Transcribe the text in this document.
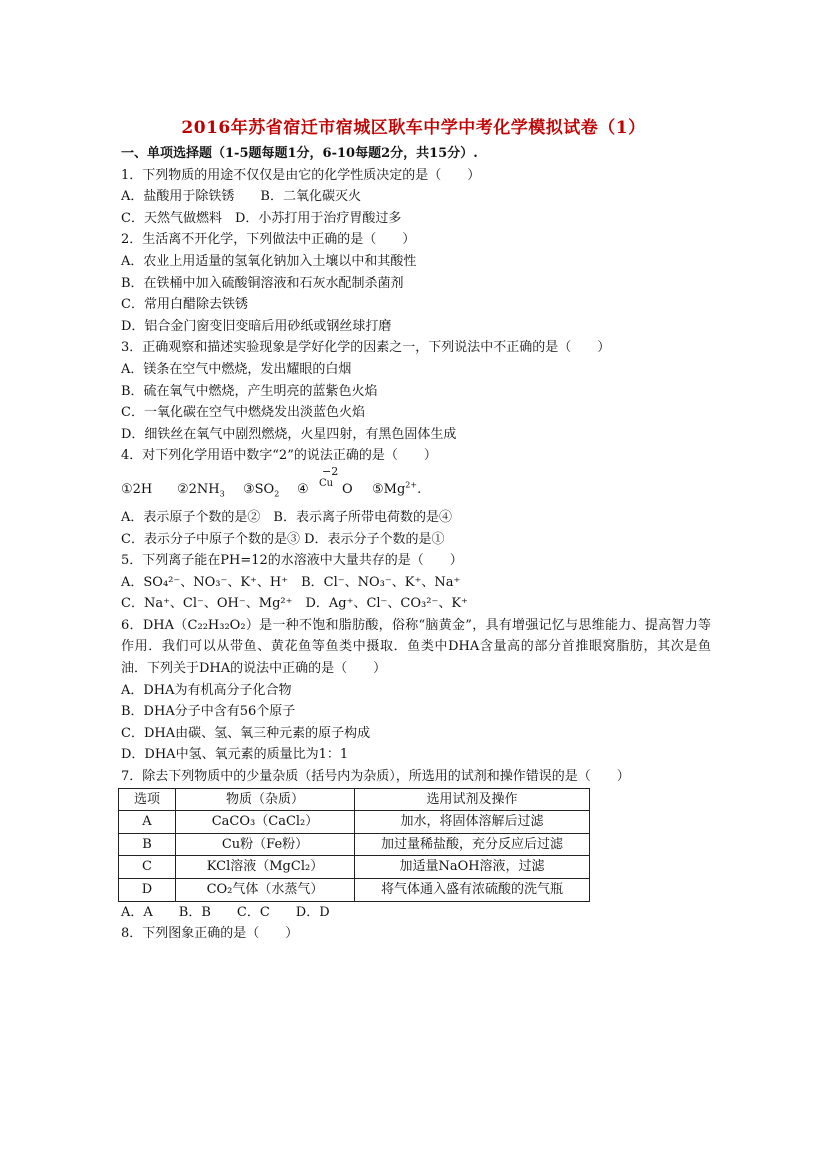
2016年苏省宿迁市宿城区耿车中学中考化学模拟试卷（1）
一、单项选择题（1-5题每题1分，6-10每题2分，共15分）.
1．下列物质的用途不仅仅是由它的化学性质决定的是（　　）
A．盐酸用于除铁锈　　B．二氧化碳灭火
C．天然气做燃料　D．小苏打用于治疗胃酸过多
2．生活离不开化学，下列做法中正确的是（　　）
A．农业上用适量的氢氧化钠加入土壤以中和其酸性
B．在铁桶中加入硫酸铜溶液和石灰水配制杀菌剂
C．常用白醋除去铁锈
D．铝合金门窗变旧变暗后用砂纸或钢丝球打磨
3．正确观察和描述实验现象是学好化学的因素之一，下列说法中不正确的是（　　）
A．镁条在空气中燃烧，发出耀眼的白烟
B．硫在氧气中燃烧，产生明亮的蓝紫色火焰
C．一氧化碳在空气中燃烧发出淡蓝色火焰
D．细铁丝在氧气中剧烈燃烧，火星四射，有黑色固体生成
4．对下列化学用语中数字“2”的说法正确的是（　　）
①2H $②2NH_3$ $③SO_2$ ④
−2
Cu O $⑤Mg^{2+}$.
A．表示原子个数的是②　B．表示离子所带电荷数的是④
C．表示分子中原子个数的是③ D．表示分子个数的是①
5．下列离子能在PH=12的水溶液中大量共存的是（　　）
A．SO₄²⁻、NO₃⁻、K⁺、H⁺　B．Cl⁻、NO₃⁻、K⁺、Na⁺
C．Na⁺、Cl⁻、OH⁻、Mg²⁺　D．Ag⁺、Cl⁻、CO₃²⁻、K⁺
6．DHA（C₂₂H₃₂O₂）是一种不饱和脂肪酸，俗称“脑黄金”，具有增强记忆与思维能力、提高智力等作用．我们可以从带鱼、黄花鱼等鱼类中摄取．鱼类中DHA含量高的部分首推眼窝脂肪，其次是鱼油．下列关于DHA的说法中正确的是（　　）
A．DHA为有机高分子化合物
B．DHA分子中含有56个原子
C．DHA由碳、氢、氧三种元素的原子构成
D．DHA中氢、氧元素的质量比为1：1
7．除去下列物质中的少量杂质（括号内为杂质），所选用的试剂和操作错误的是（　　）
选项	物质（杂质）	选用试剂及操作
A	CaCO₃（CaCl₂）	加水，将固体溶解后过滤
B	Cu粉（Fe粉）	加过量稀盐酸，充分反应后过滤
C	KCl溶液（MgCl₂）	加适量NaOH溶液，过滤
D	CO₂气体（水蒸气）	将气体通入盛有浓硫酸的洗气瓶
A．A　　B．B　　C．C　　D．D
8．下列图象正确的是（　　）
